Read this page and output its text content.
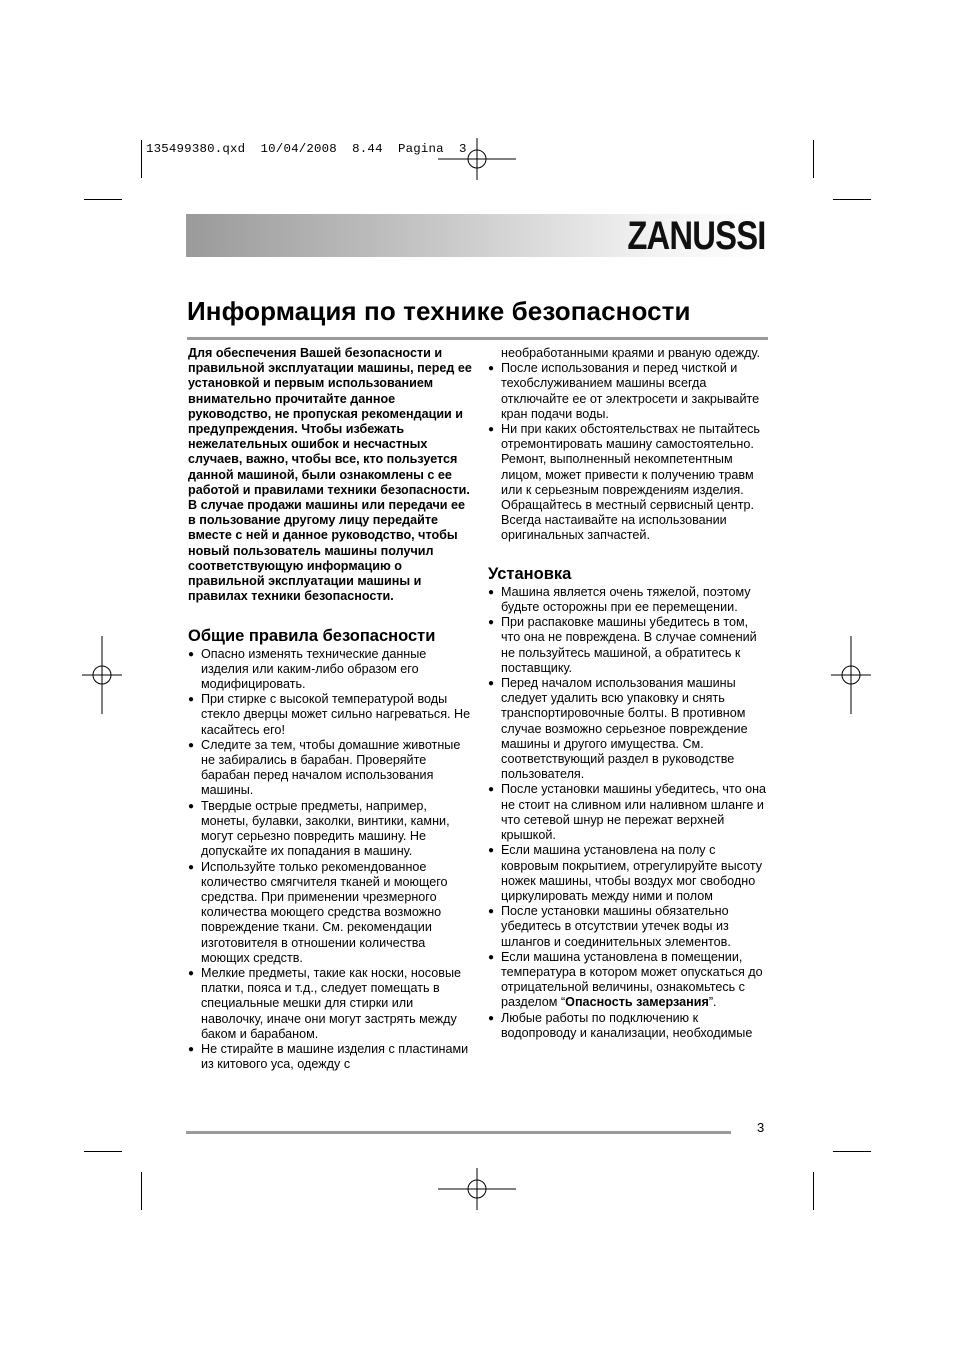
135499380.qxd  10/04/2008  8.44  Pagina  3
ZANUSSI
Информация по технике безопасности

Для обеспечения Вашей безопасности и правильной эксплуатации машины, перед ее установкой и первым использованием внимательно прочитайте данное руководство, не пропуская рекомендации и предупреждения. Чтобы избежать нежелательных ошибок и несчастных случаев, важно, чтобы все, кто пользуется данной машиной, были ознакомлены с ее работой и правилами техники безопасности. В случае продажи машины или передачи ее в пользование другому лицу передайте вместе с ней и данное руководство, чтобы новый пользователь машины получил соответствующую информацию о правильной эксплуатации машины и правилах техники безопасности.

Общие правила безопасности
● Опасно изменять технические данные изделия или каким-либо образом его модифицировать.
● При стирке с высокой температурой воды стекло дверцы может сильно нагреваться. Не касайтесь его!
● Следите за тем, чтобы домашние животные не забирались в барабан. Проверяйте барабан перед началом использования машины.
● Твердые острые предметы, например, монеты, булавки, заколки, винтики, камни, могут серьезно повредить машину. Не допускайте их попадания в машину.
● Используйте только рекомендованное количество смягчителя тканей и моющего средства. При применении чрезмерного количества моющего средства возможно повреждение ткани. См. рекомендации изготовителя в отношении количества моющих средств.
● Мелкие предметы, такие как носки, носовые платки, пояса и т.д., следует помещать в специальные мешки для стирки или наволочку, иначе они могут застрять между баком и барабаном.
● Не стирайте в машине изделия с пластинами из китового уса, одежду с

необработанными краями и рваную одежду.

● После использования и перед чисткой и техобслуживанием машины всегда отключайте ее от электросети и закрывайте кран подачи воды.
● Ни при каких обстоятельствах не пытайтесь отремонтировать машину самостоятельно. Ремонт, выполненный некомпетентным лицом, может привести к получению травм или к серьезным повреждениям изделия. Обращайтесь в местный сервисный центр. Всегда настаивайте на использовании оригинальных запчастей.
Установка
● Машина является очень тяжелой, поэтому будьте осторожны при ее перемещении.
● При распаковке машины убедитесь в том, что она не повреждена. В случае сомнений не пользуйтесь машиной, а обратитесь к поставщику.
● Перед началом использования машины следует удалить всю упаковку и снять транспортировочные болты. В противном случае возможно серьезное повреждение машины и другого имущества. См. соответствующий раздел в руководстве пользователя.
● После установки машины убедитесь, что она не стоит на сливном или наливном шланге и что сетевой шнур не пережат верхней крышкой.
● Если машина установлена на полу с ковровым покрытием, отрегулируйте высоту ножек машины, чтобы воздух мог свободно циркулировать между ними и полом
● После установки машины обязательно убедитесь в отсутствии утечек воды из шлангов и соединительных элементов.
● Если машина установлена в помещении, температура в котором может опускаться до отрицательной величины, ознакомьтесь с разделом “Опасность замерзания”.
● Любые работы по подключению к водопроводу и канализации, необходимые
3
